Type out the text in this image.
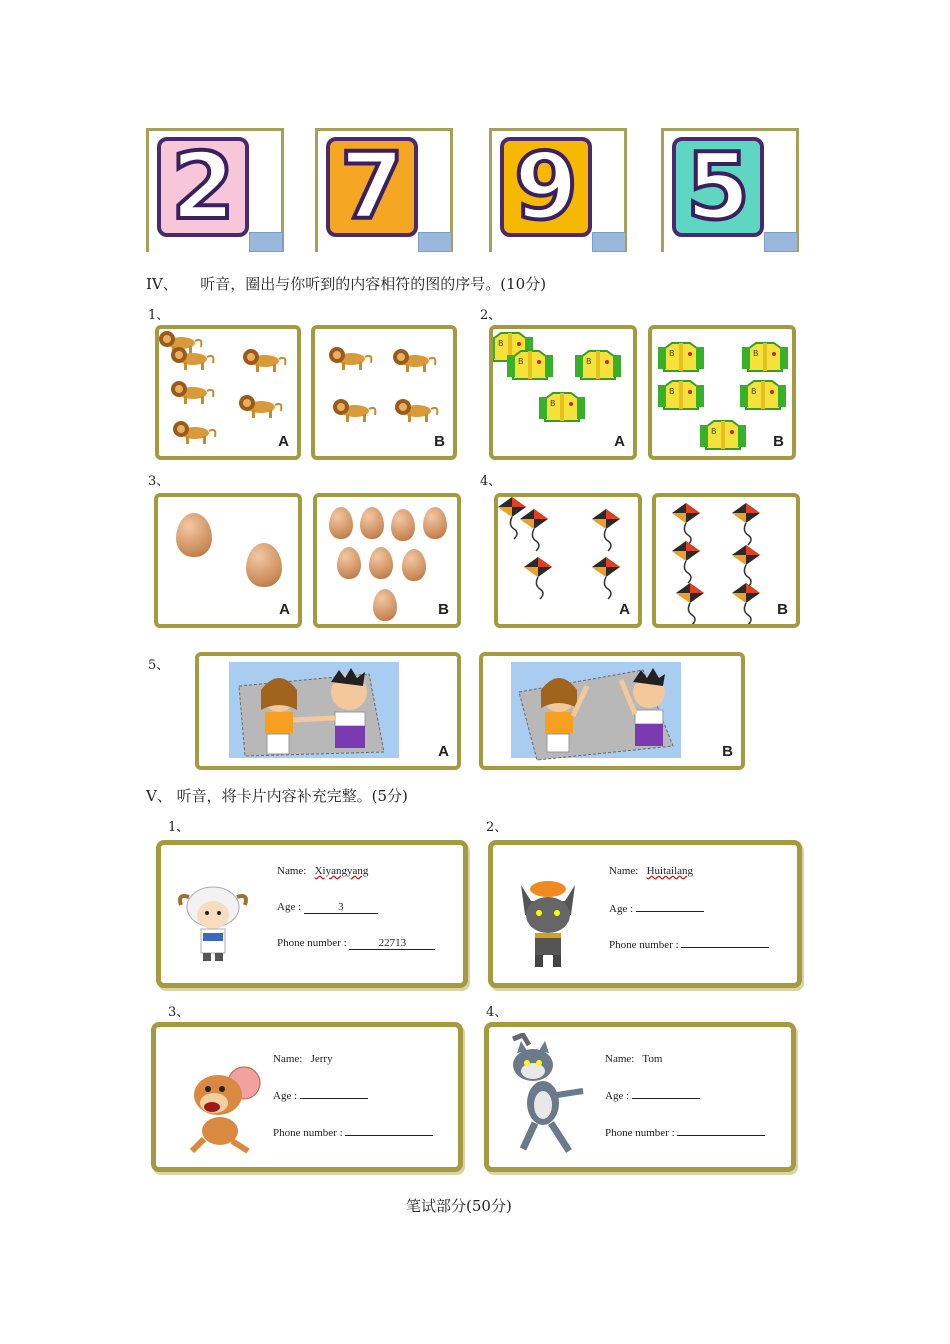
2 7 9 5
IV、　　听音，圈出与你听到的内容相符的图的序号。(10分)
1、
A	B
2、
B
A	B
3、
A	B
4、
A	B
5、
A	B
V、 听音，将卡片内容补充完整。(5分)
1、
Name: Xiyangyang
Age :	3
Phone number :	22713
2、
Name: Huitailang
Age :
Phone number :
3、
Name: Jerry
Age :
Phone number :
4、
Name: Tom
Age :
Phone number :
笔试部分(50分)
